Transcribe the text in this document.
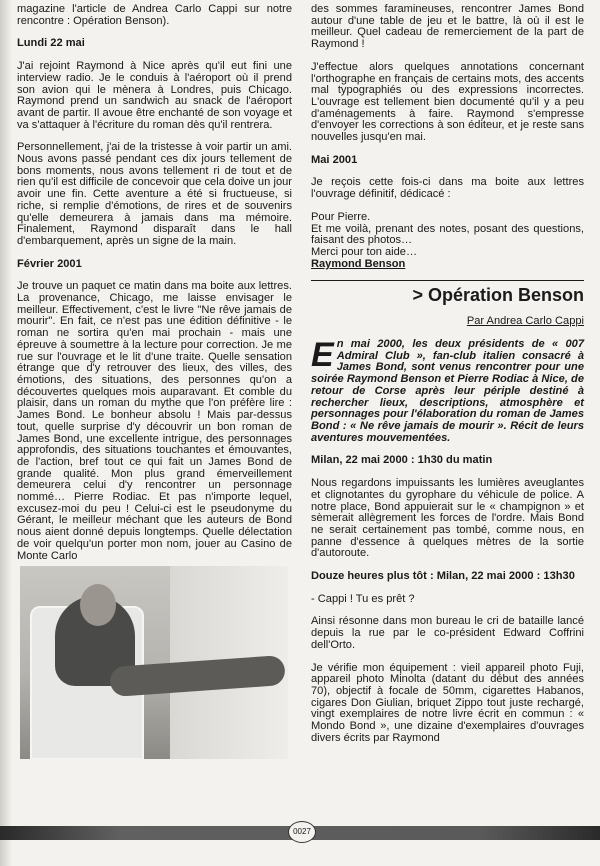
magazine l'article de Andrea Carlo Cappi sur notre rencontre : Opération Benson).

Lundi 22 mai

J'ai rejoint Raymond à Nice après qu'il eut fini une interview radio. Je le conduis à l'aéroport où il prend son avion qui le mènera à Londres, puis Chicago. Raymond prend un sandwich au snack de l'aéroport avant de partir. Il avoue être enchanté de son voyage et va s'attaquer à l'écriture du roman dès qu'il rentrera.

Personnellement, j'ai de la tristesse à voir partir un ami. Nous avons passé pendant ces dix jours tellement de bons moments, nous avons tellement ri de tout et de rien qu'il est difficile de concevoir que cela doive un jour avoir une fin. Cette aventure a été si fructueuse, si riche, si remplie d'émotions, de rires et de souvenirs qu'elle demeurera à jamais dans ma mémoire. Finalement, Raymond disparaît dans le hall d'embarquement, après un signe de la main.

Février 2001

Je trouve un paquet ce matin dans ma boite aux lettres. La provenance, Chicago, me laisse envisager le meilleur. Effectivement, c'est le livre "Ne rêve jamais de mourir". En fait, ce n'est pas une édition définitive - le roman ne sortira qu'en mai prochain - mais une épreuve à soumettre à la lecture pour correction. Je me rue sur l'ouvrage et le lit d'une traite. Quelle sensation étrange que d'y retrouver des lieux, des villes, des émotions, des situations, des personnes qu'on a découvertes quelques mois auparavant. Et comble du plaisir, dans un roman du mythe que l'on préfère lire : James Bond. Le bonheur absolu ! Mais par-dessus tout, quelle surprise d'y découvrir un bon roman de James Bond, une excellente intrigue, des personnages approfondis, des situations touchantes et émouvantes, de l'action, bref tout ce qui fait un James Bond de grande qualité. Mon plus grand émerveillement demeurera celui d'y rencontrer un personnage nommé… Pierre Rodiac. Et pas n'importe lequel, excusez-moi du peu ! Celui-ci est le pseudonyme du Gérant, le meilleur méchant que les auteurs de Bond nous aient donné depuis longtemps. Quelle délectation de voir quelqu'un porter mon nom, jouer au Casino de Monte Carlo

des sommes faramineuses, rencontrer James Bond autour d'une table de jeu et le battre, là où il est le meilleur. Quel cadeau de remerciement de la part de Raymond !

J'effectue alors quelques annotations concernant l'orthographe en français de certains mots, des accents mal typographiés ou des expressions incorrectes. L'ouvrage est tellement bien documenté qu'il y a peu d'aménagements à faire. Raymond s'empresse d'envoyer les corrections à son éditeur, et je reste sans nouvelles jusqu'en mai.

Mai 2001

Je reçois cette fois-ci dans ma boite aux lettres l'ouvrage définitif, dédicacé :

Pour Pierre.

Et me voilà, prenant des notes, posant des questions, faisant des photos…

Merci pour ton aide…

Raymond Benson

> Opération Benson

Par Andrea Carlo Cappi

En mai 2000, les deux présidents de « 007 Admiral Club », fan-club italien consacré à James Bond, sont venus rencontrer pour une soirée Raymond Benson et Pierre Rodiac à Nice, de retour de Corse après leur périple destiné à rechercher lieux, descriptions, atmosphère et personnages pour l'élaboration du roman de James Bond : « Ne rêve jamais de mourir ». Récit de leurs aventures mouvementées.

Milan, 22 mai 2000 : 1h30 du matin

Nous regardons impuissants les lumières aveuglantes et clignotantes du gyrophare du véhicule de police. A notre place, Bond appuierait sur le « champignon » et sèmerait allègrement les forces de l'ordre. Mais Bond ne serait certainement pas tombé, comme nous, en panne d'essence à quelques mètres de la sortie d'autoroute.

Douze heures plus tôt : Milan, 22 mai 2000 : 13h30

- Cappi ! Tu es prêt ?

Ainsi résonne dans mon bureau le cri de bataille lancé depuis la rue par le co-président Edward Coffrini dell'Orto.

Je vérifie mon équipement : vieil appareil photo Fuji, appareil photo Minolta (datant du début des années 70), objectif à focale de 50mm, cigarettes Habanos, cigares Don Giulian, briquet Zippo tout juste rechargé, vingt exemplaires de notre livre écrit en commun : « Mondo Bond », une dizaine d'exemplaires d'ouvrages divers écrits par Raymond

0027
